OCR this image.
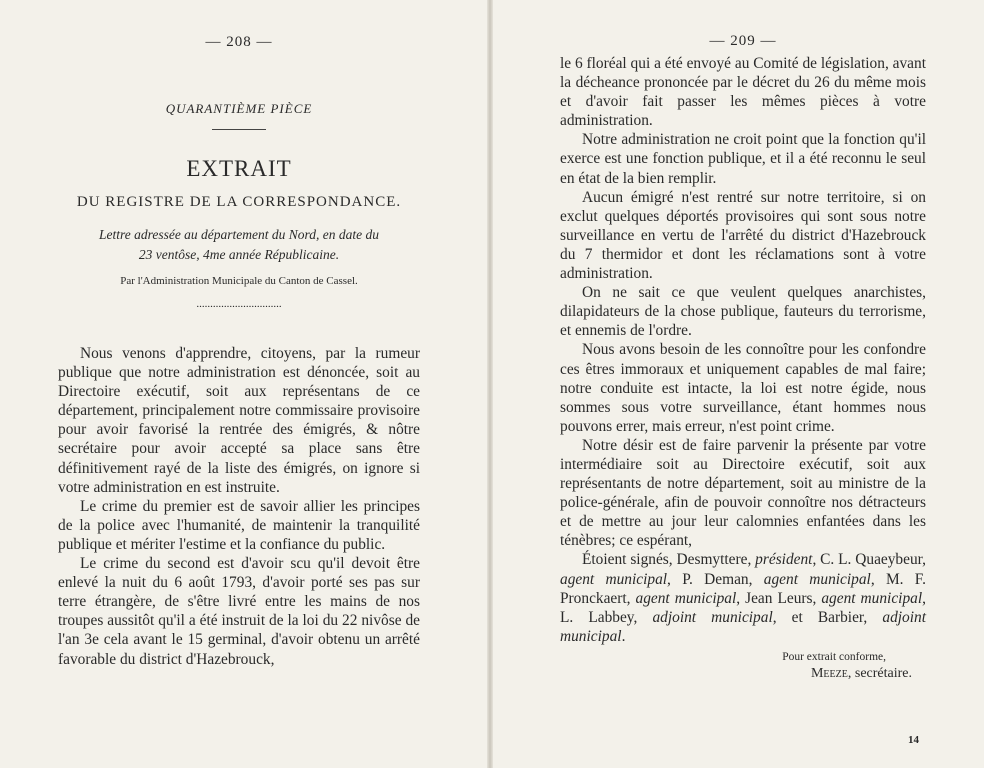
— 208 —
QUARANTIÈME PIÈCE
EXTRAIT
DU REGISTRE DE LA CORRESPONDANCE.
Lettre adressée au département du Nord, en date du
23 ventôse, 4me année Républicaine.
Par l'Administration Municipale du Canton de Cassel.
...............................

Nous venons d'apprendre, citoyens, par la rumeur publique que notre administration est dénoncée, soit au Directoire exécutif, soit aux représentans de ce département, principalement notre commissaire provisoire pour avoir favorisé la rentrée des émigrés, & nôtre secrétaire pour avoir accepté sa place sans être définitivement rayé de la liste des émigrés, on ignore si votre administration en est instruite.

Le crime du premier est de savoir allier les principes de la police avec l'humanité, de maintenir la tranquilité publique et mériter l'estime et la confiance du public.

Le crime du second est d'avoir scu qu'il devoit être enlevé la nuit du 6 août 1793, d'avoir porté ses pas sur terre étrangère, de s'être livré entre les mains de nos troupes aussitôt qu'il a été instruit de la loi du 22 nivôse de l'an 3e cela avant le 15 germinal, d'avoir obtenu un arrêté favorable du district d'Hazebrouck,

— 209 —

le 6 floréal qui a été envoyé au Comité de législation, avant la décheance prononcée par le décret du 26 du même mois et d'avoir fait passer les mêmes pièces à votre administration.

Notre administration ne croit point que la fonction qu'il exerce est une fonction publique, et il a été reconnu le seul en état de la bien remplir.

Aucun émigré n'est rentré sur notre territoire, si on exclut quelques déportés provisoires qui sont sous notre surveillance en vertu de l'arrêté du district d'Hazebrouck du 7 thermidor et dont les réclamations sont à votre administration.

On ne sait ce que veulent quelques anarchistes, dilapidateurs de la chose publique, fauteurs du terrorisme, et ennemis de l'ordre.

Nous avons besoin de les connoître pour les confondre ces êtres immoraux et uniquement capables de mal faire; notre conduite est intacte, la loi est notre égide, nous sommes sous votre surveillance, étant hommes nous pouvons errer, mais erreur, n'est point crime.

Notre désir est de faire parvenir la présente par votre intermédiaire soit au Directoire exécutif, soit aux représentants de notre département, soit au ministre de la police-générale, afin de pouvoir connoître nos détracteurs et de mettre au jour leur calomnies enfantées dans les ténèbres; ce espérant,

Étoient signés, Desmyttere, président, C. L. Quaeybeur, agent municipal, P. Deman, agent municipal, M. F. Pronckaert, agent municipal, Jean Leurs, agent municipal, L. Labbey, adjoint municipal, et Barbier, adjoint municipal.

Pour extrait conforme,
Meeze, secrétaire.
14
